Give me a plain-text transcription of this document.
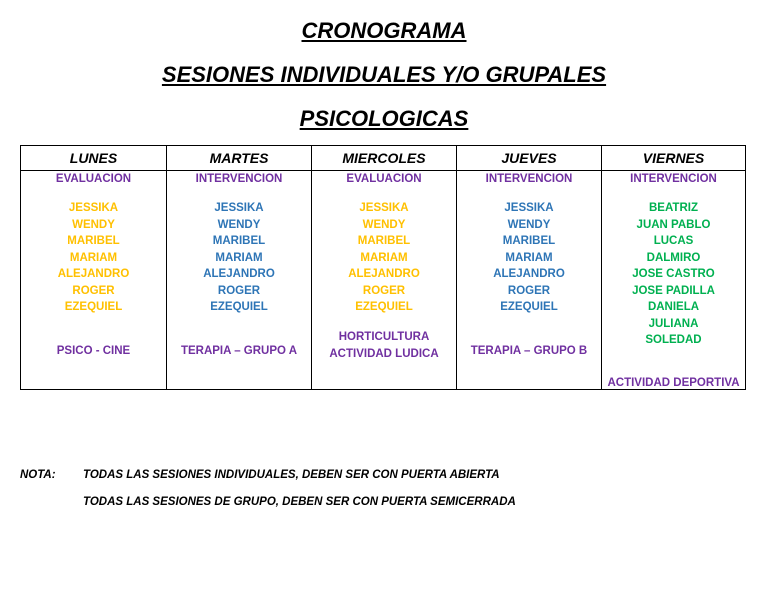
CRONOGRAMA
SESIONES INDIVIDUALES Y/O GRUPALES
PSICOLOGICAS
LUNES
EVALUACION
JESSIKA
WENDY
MARIBEL
MARIAM
ALEJANDRO
ROGER
EZEQUIEL
PSICO - CINE
MARTES
INTERVENCION
JESSIKA
WENDY
MARIBEL
MARIAM
ALEJANDRO
ROGER
EZEQUIEL
TERAPIA – GRUPO A
MIERCOLES
EVALUACION
JESSIKA
WENDY
MARIBEL
MARIAM
ALEJANDRO
ROGER
EZEQUIEL
HORTICULTURA
ACTIVIDAD LUDICA
JUEVES
INTERVENCION
JESSIKA
WENDY
MARIBEL
MARIAM
ALEJANDRO
ROGER
EZEQUIEL
TERAPIA – GRUPO B
VIERNES
INTERVENCION
BEATRIZ
JUAN PABLO
LUCAS
DALMIRO
JOSE CASTRO
JOSE PADILLA
DANIELA
JULIANA
SOLEDAD
ACTIVIDAD DEPORTIVA
NOTA: TODAS LAS SESIONES INDIVIDUALES, DEBEN SER CON PUERTA ABIERTA
TODAS LAS SESIONES DE GRUPO, DEBEN SER CON PUERTA SEMICERRADA
